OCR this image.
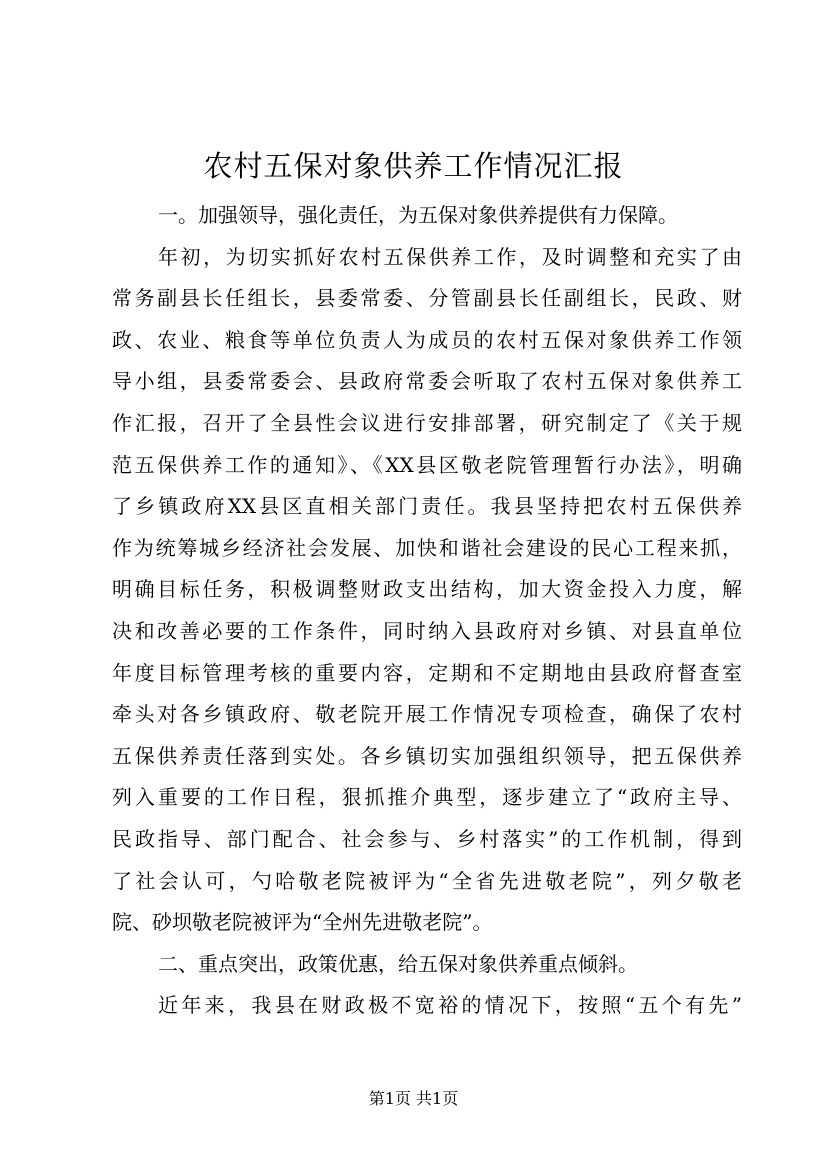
农村五保对象供养工作情况汇报
一。加强领导，强化责任，为五保对象供养提供有力保障。
年初，为切实抓好农村五保供养工作，及时调整和充实了由
常务副县长任组长，县委常委、分管副县长任副组长，民政、财
政、农业、粮食等单位负责人为成员的农村五保对象供养工作领
导小组，县委常委会、县政府常委会听取了农村五保对象供养工
作汇报，召开了全县性会议进行安排部署，研究制定了《关于规
范五保供养工作的通知》、《XX县区敬老院管理暂行办法》，明确
了乡镇政府XX县区直相关部门责任。我县坚持把农村五保供养
作为统筹城乡经济社会发展、加快和谐社会建设的民心工程来抓，
明确目标任务，积极调整财政支出结构，加大资金投入力度，解
决和改善必要的工作条件，同时纳入县政府对乡镇、对县直单位
年度目标管理考核的重要内容，定期和不定期地由县政府督查室
牵头对各乡镇政府、敬老院开展工作情况专项检查，确保了农村
五保供养责任落到实处。各乡镇切实加强组织领导，把五保供养
列入重要的工作日程，狠抓推介典型，逐步建立了“政府主导、
民政指导、部门配合、社会参与、乡村落实”的工作机制，得到
了社会认可，勺哈敬老院被评为“全省先进敬老院”，列夕敬老
院、砂坝敬老院被评为“全州先进敬老院”。
二、重点突出，政策优惠，给五保对象供养重点倾斜。
近年来，我县在财政极不宽裕的情况下，按照“五个有先”
第1页 共1页
